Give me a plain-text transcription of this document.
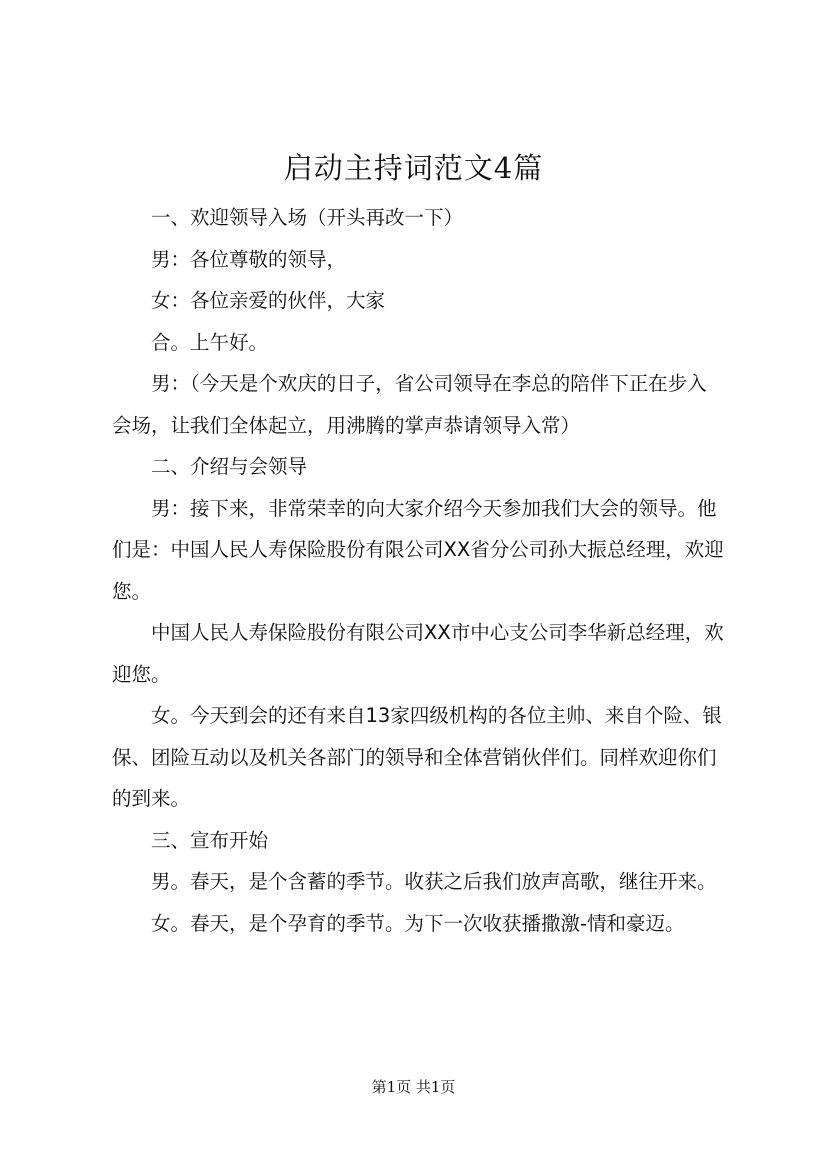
启动主持词范文4篇

一、欢迎领导入场（开头再改一下）

男：各位尊敬的领导，

女：各位亲爱的伙伴，大家

合。上午好。

男：（今天是个欢庆的日子，省公司领导在李总的陪伴下正在步入会场，让我们全体起立，用沸腾的掌声恭请领导入常）

二、介绍与会领导

男：接下来，非常荣幸的向大家介绍今天参加我们大会的领导。他们是：中国人民人寿保险股份有限公司XX省分公司孙大振总经理，欢迎您。

中国人民人寿保险股份有限公司XX市中心支公司李华新总经理，欢迎您。

女。今天到会的还有来自13家四级机构的各位主帅、来自个险、银保、团险互动以及机关各部门的领导和全体营销伙伴们。同样欢迎你们的到来。

三、宣布开始

男。春天，是个含蓄的季节。收获之后我们放声高歌，继往开来。

女。春天，是个孕育的季节。为下一次收获播撒激-情和豪迈。

第1页 共1页
